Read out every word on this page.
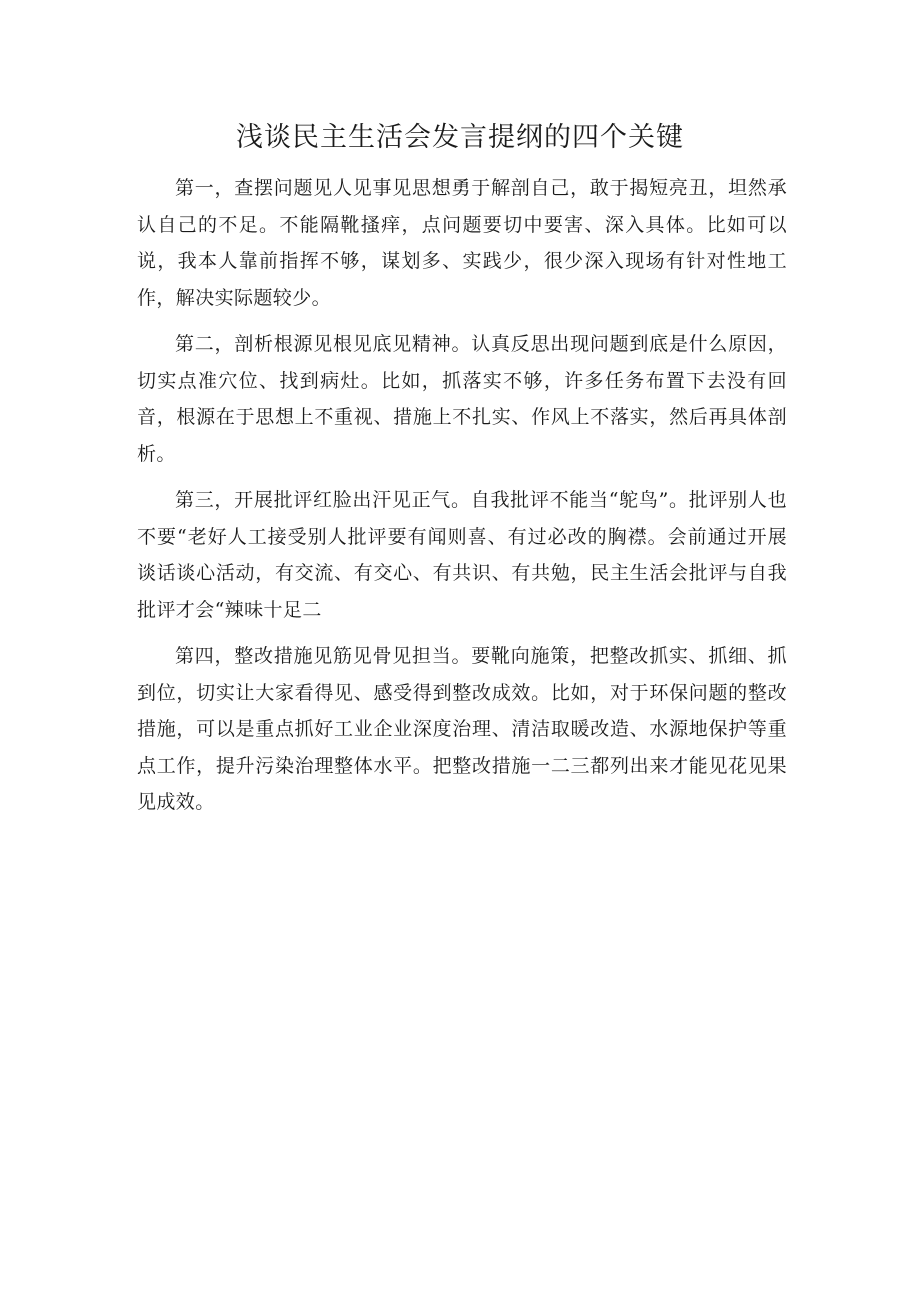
浅谈民主生活会发言提纲的四个关键

第一，查摆问题见人见事见思想勇于解剖自己，敢于揭短亮丑，坦然承认自己的不足。不能隔靴搔痒，点问题要切中要害、深入具体。比如可以说，我本人靠前指挥不够，谋划多、实践少，很少深入现场有针对性地工作，解决实际题较少。

第二，剖析根源见根见底见精神。认真反思出现问题到底是什么原因，切实点准穴位、找到病灶。比如，抓落实不够，许多任务布置下去没有回音，根源在于思想上不重视、措施上不扎实、作风上不落实，然后再具体剖析。

第三，开展批评红脸出汗见正气。自我批评不能当“鸵鸟”。批评别人也不要“老好人工接受别人批评要有闻则喜、有过必改的胸襟。会前通过开展谈话谈心活动，有交流、有交心、有共识、有共勉，民主生活会批评与自我批评才会“辣味十足二

第四，整改措施见筋见骨见担当。要靴向施策，把整改抓实、抓细、抓到位，切实让大家看得见、感受得到整改成效。比如，对于环保问题的整改措施，可以是重点抓好工业企业深度治理、清洁取暖改造、水源地保护等重点工作，提升污染治理整体水平。把整改措施一二三都列出来才能见花见果见成效。
